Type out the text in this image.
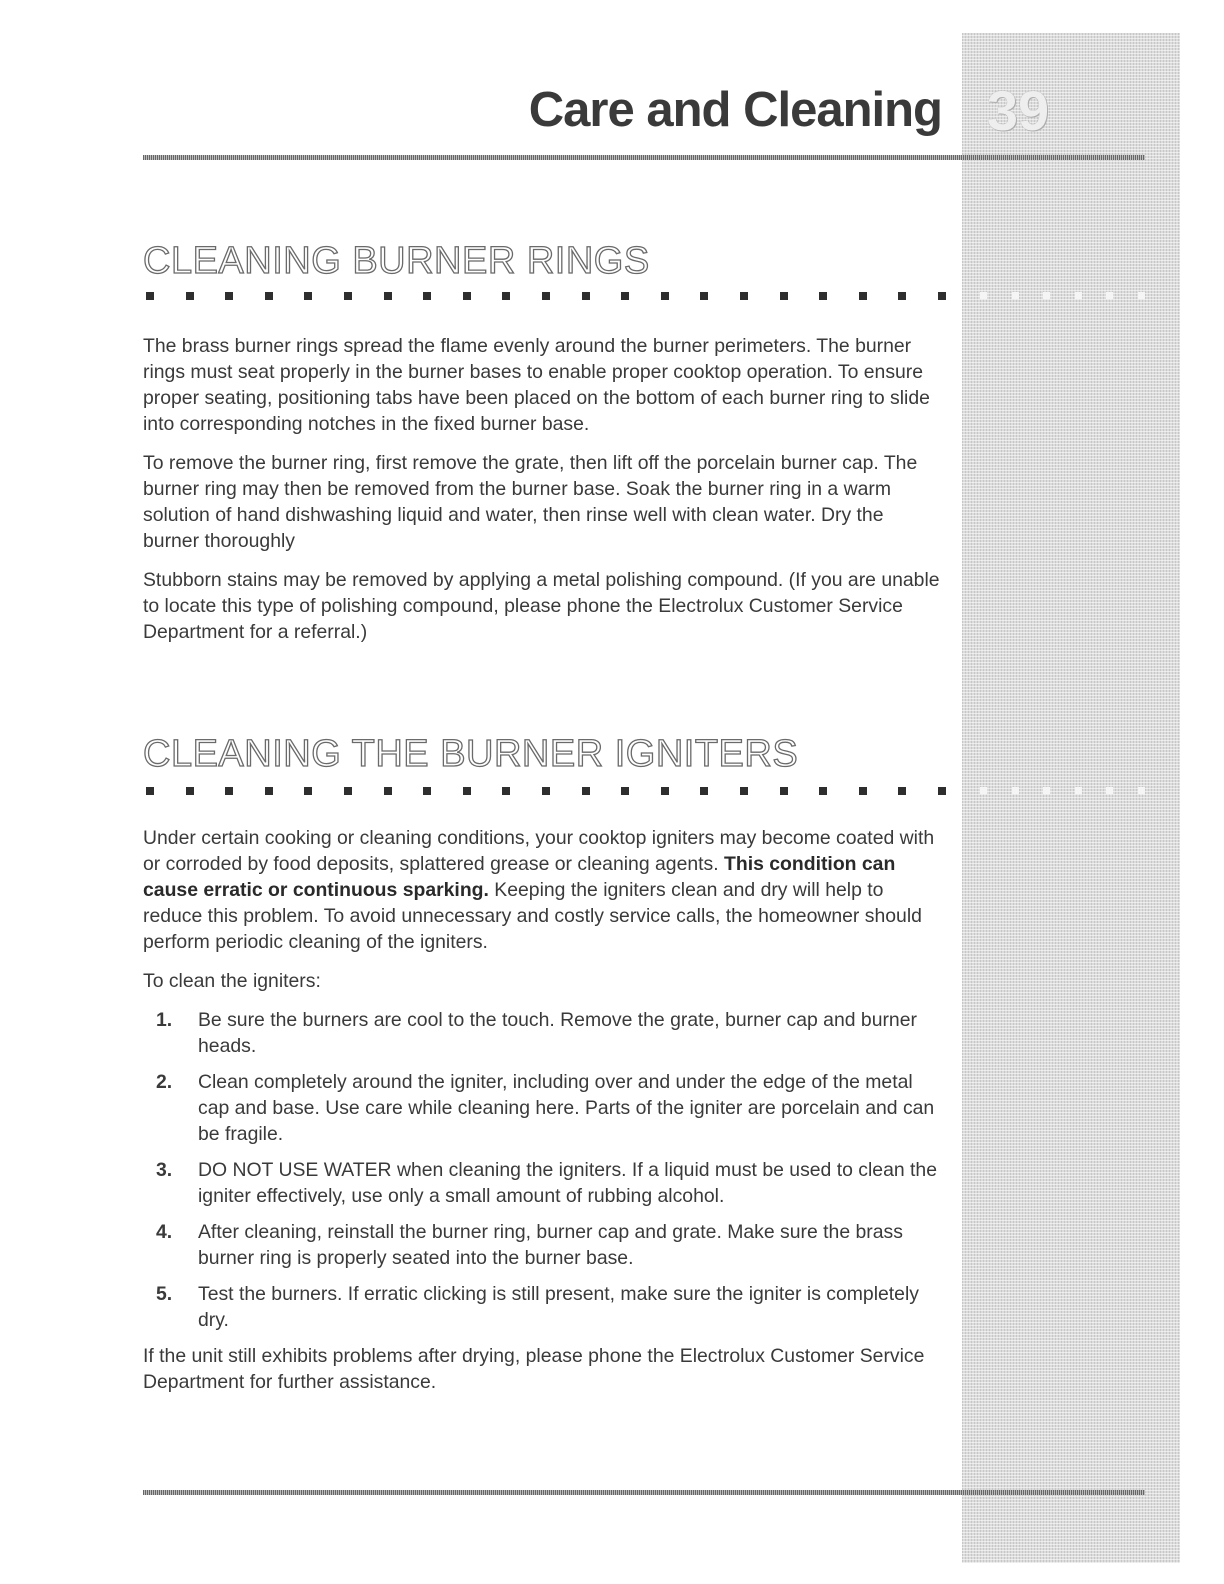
Care and Cleaning 39
CLEANING BURNER RINGS

The brass burner rings spread the flame evenly around the burner perimeters. The burner rings must seat properly in the burner bases to enable proper cooktop operation. To ensure proper seating, positioning tabs have been placed on the bottom of each burner ring to slide into corresponding notches in the fixed burner base.

To remove the burner ring, first remove the grate, then lift off the porcelain burner cap. The burner ring may then be removed from the burner base. Soak the burner ring in a warm solution of hand dishwashing liquid and water, then rinse well with clean water. Dry the burner thoroughly

Stubborn stains may be removed by applying a metal polishing compound. (If you are unable to locate this type of polishing compound, please phone the Electrolux Customer Service Department for a referral.)

CLEANING THE BURNER IGNITERS

Under certain cooking or cleaning conditions, your cooktop igniters may become coated with or corroded by food deposits, splattered grease or cleaning agents. This condition can cause erratic or continuous sparking. Keeping the igniters clean and dry will help to reduce this problem. To avoid unnecessary and costly service calls, the homeowner should perform periodic cleaning of the igniters.

To clean the igniters:

1. Be sure the burners are cool to the touch. Remove the grate, burner cap and burner heads.
2. Clean completely around the igniter, including over and under the edge of the metal cap and base. Use care while cleaning here. Parts of the igniter are porcelain and can be fragile.
3. DO NOT USE WATER when cleaning the igniters. If a liquid must be used to clean the igniter effectively, use only a small amount of rubbing alcohol.
4. After cleaning, reinstall the burner ring, burner cap and grate. Make sure the brass burner ring is properly seated into the burner base.
5. Test the burners. If erratic clicking is still present, make sure the igniter is completely dry.

If the unit still exhibits problems after drying, please phone the Electrolux Customer Service Department for further assistance.
